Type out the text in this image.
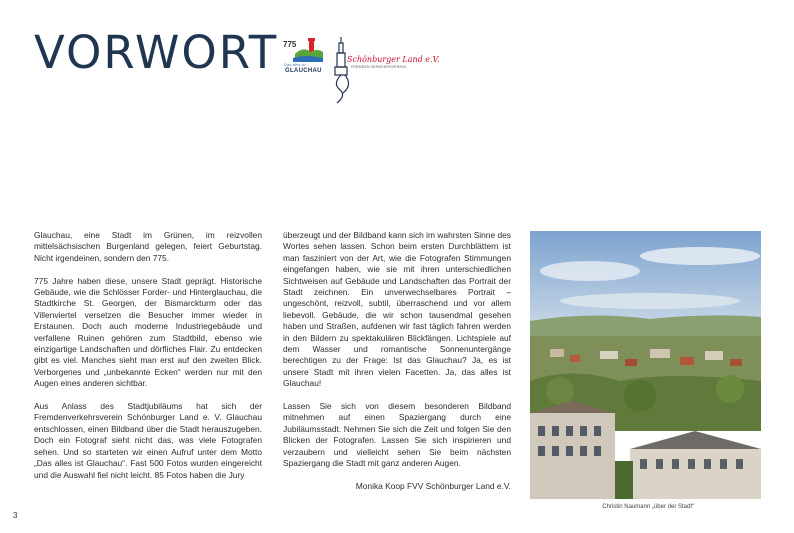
VORWORT 775
Das alles ist
GLAUCHAU
Schönburger Land e.V.
FREMDEN VERKEHRSVEREIN

Glauchau, eine Stadt im Grünen, im reizvollen mittelsächsischen Burgenland gelegen, feiert Geburtstag. Nicht irgendeinen, sondern den 775.

775 Jahre haben diese, unsere Stadt geprägt. Historische Gebäude, wie die Schlösser Forder- und Hinterglauchau, die Stadtkirche St. Georgen, der Bismarckturm oder das Villenviertel versetzen die Besucher immer wieder in Erstaunen. Doch auch moderne Industriegebäude und verfallene Ruinen gehören zum Stadtbild, ebenso wie einzigartige Landschaften und dörfliches Flair. Zu entdecken gibt es viel. Manches sieht man erst auf den zweiten Blick. Verborgenes und „unbekannte Ecken“ werden nur mit den Augen eines anderen sichtbar.

Aus Anlass des Stadtjubiläums hat sich der Fremdenverkehrsverein Schönburger Land e. V. Glauchau entschlossen, einen Bildband über die Stadt herauszugeben. Doch ein Fotograf sieht nicht das, was viele Fotografen sehen. Und so starteten wir einen Aufruf unter dem Motto „Das alles ist Glauchau“. Fast 500 Fotos wurden eingereicht und die Auswahl fiel nicht leicht. 85 Fotos haben die Jury

überzeugt und der Bildband kann sich im wahrsten Sinne des Wortes sehen lassen. Schon beim ersten Durchblättern ist man fasziniert von der Art, wie die Fotografen Stimmungen eingefangen haben, wie sie mit ihren unterschiedlichen Sichtweisen auf Gebäude und Landschaften das Portrait der Stadt zeichnen. Ein unverwechselbares Portrait – ungeschönt, reizvoll, subtil, überraschend und vor allem liebevoll. Gebäude, die wir schon tausendmal gesehen haben und Straßen, aufdenen wir fast täglich fahren werden in den Bildern zu spektakulären Blickfängen. Lichtspiele auf dem Wasser und romantische Sonnenuntergänge berechtigen zu der Frage: Ist das Glauchau? Ja, es ist unsere Stadt mit ihren vielen Facetten. Ja, das alles ist Glauchau!

Lassen Sie sich von diesem besonderen Bildband mitnehmen auf einen Spaziergang durch eine Jubiläumsstadt. Nehmen Sie sich die Zeit und folgen Sie den Blicken der Fotografen. Lassen Sie sich inspirieren und verzaubern und vielleicht sehen Sie beim nächsten Spaziergang die Stadt mit ganz anderen Augen.

Monika Koop FVV Schönburger Land e.V.

Christin Naumann „über der Stadt“
3
